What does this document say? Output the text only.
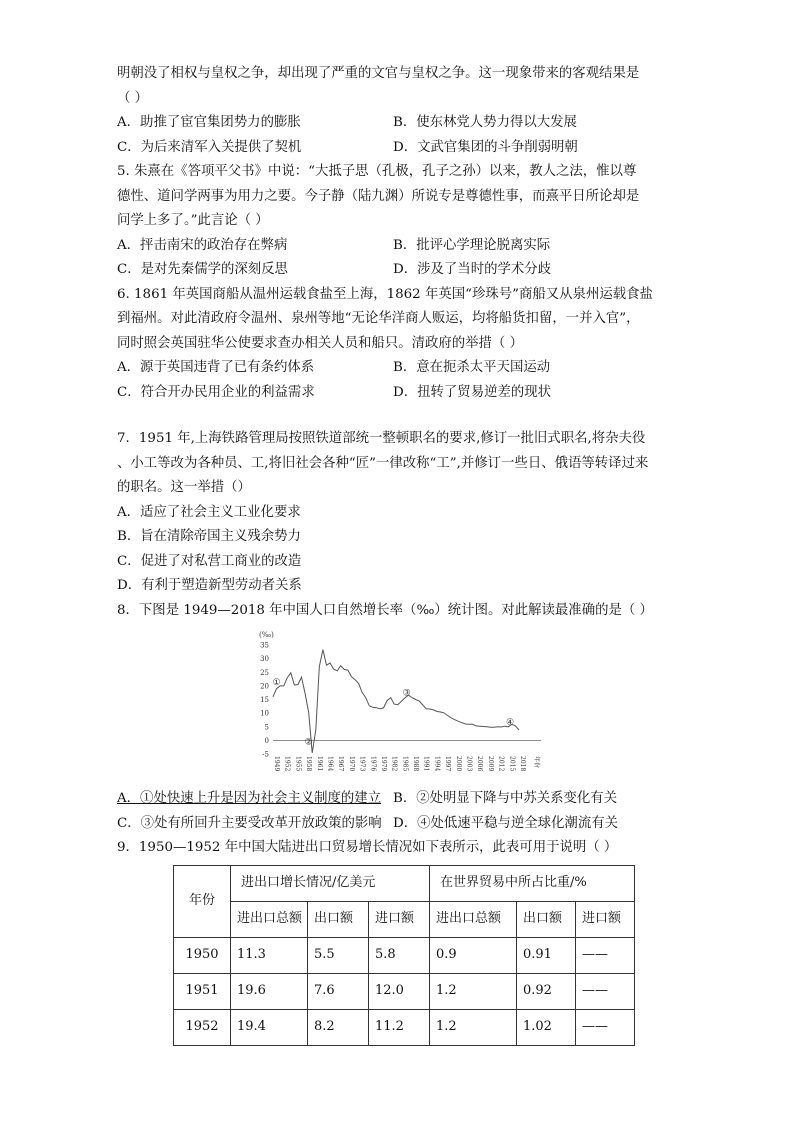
明朝没了相权与皇权之争，却出现了严重的文官与皇权之争。这一现象带来的客观结果是

（ ）

A．助推了宦官集团势力的膨胀	B．使东林党人势力得以大发展
C．为后来清军入关提供了契机	D．文武官集团的斗争削弱明朝

5. 朱熹在《答项平父书》中说：“大抵子思（孔极，孔子之孙）以来，教人之法，惟以尊

德性、道问学两事为用力之要。今子静（陆九渊）所说专是尊德性事，而熹平日所论却是

问学上多了。”此言论（ ）

A．抨击南宋的政治存在弊病	B．批评心学理论脱离实际
C．是对先秦儒学的深刻反思	D．涉及了当时的学术分歧

6. 1861 年英国商船从温州运载食盐至上海，1862 年英国“珍珠号”商船又从泉州运载食盐

到福州。对此清政府令温州、泉州等地“无论华洋商人贩运，均将船货扣留，一并入官”，

同时照会英国驻华公使要求查办相关人员和船只。清政府的举措（ ）

A．源于英国违背了已有条约体系	B．意在扼杀太平天国运动
C．符合开办民用企业的利益需求	D．扭转了贸易逆差的现状

7．1951 年,上海铁路管理局按照铁道部统一整顿职名的要求,修订一批旧式职名,将杂夫役

、小工等改为各种员、工,将旧社会各种“匠”一律改称“工”,并修订一些日、俄语等转译过来

的职名。这一举措（）

A．适应了社会主义工业化要求

B．旨在清除帝国主义残余势力

C．促进了对私营工商业的改造

D．有利于塑造新型劳动者关系

8．下图是 1949—2018 年中国人口自然增长率（‰）统计图。对此解读最准确的是（ ）

(‰)
-5
0
5
10
15
20
25
30
35
1949 1952 1955 1958 1961 1964 1967 1970 1973 1976 1979 1982 1985 1988 1991 1994 1997 2000 2003 2006 2009 2012 2015 2018 年份
①
②
③
④
A．①处快速上升是因为社会主义制度的建立 B．②处明显下降与中苏关系变化有关
C．③处有所回升主要受改革开放政策的影响 D．④处低速平稳与逆全球化潮流有关

9．1950—1952 年中国大陆进出口贸易增长情况如下表所示，此表可用于说明（ ）

年份	进出口增长情况/亿美元			在世界贸易中所占比重/%		
	进出口总额	出口额	进口额	进出口总额	出口额	进口额
1950	11.3	5.5	5.8	0.9	0.91	——
1951	19.6	7.6	12.0	1.2	0.92	——
1952	19.4	8.2	11.2	1.2	1.02	——
